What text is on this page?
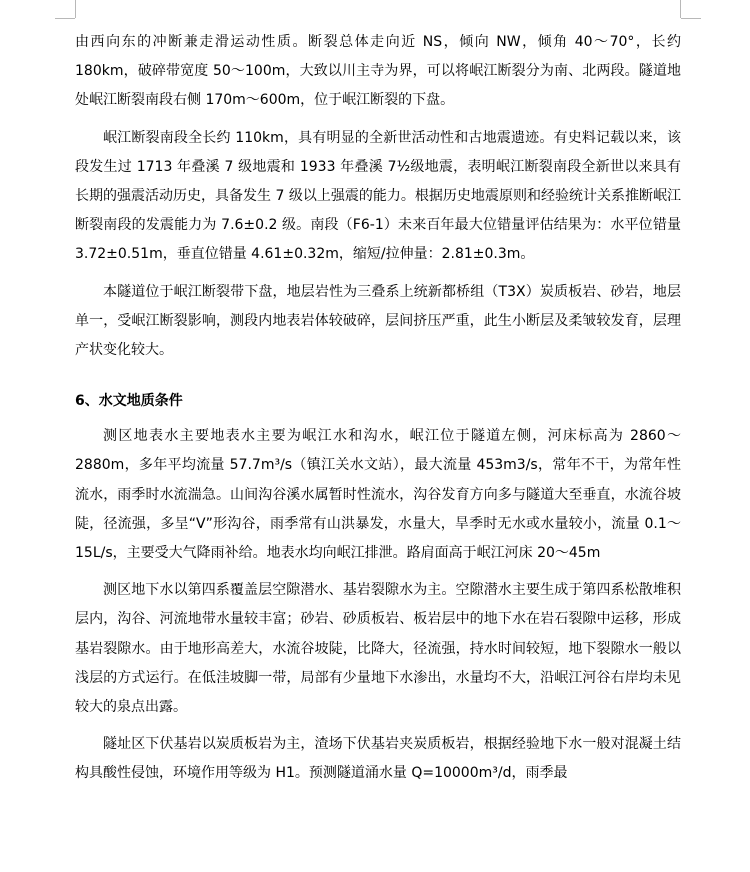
由西向东的冲断兼走滑运动性质。断裂总体走向近 NS，倾向 NW，倾角 40～70°，长约 180km，破碎带宽度 50～100m，大致以川主寺为界，可以将岷江断裂分为南、北两段。隧道地处岷江断裂南段右侧 170m～600m，位于岷江断裂的下盘。

岷江断裂南段全长约 110km，具有明显的全新世活动性和古地震遗迹。有史料记载以来，该段发生过 1713 年叠溪 7 级地震和 1933 年叠溪 7½级地震，表明岷江断裂南段全新世以来具有长期的强震活动历史，具备发生 7 级以上强震的能力。根据历史地震原则和经验统计关系推断岷江断裂南段的发震能力为 7.6±0.2 级。南段（F6-1）未来百年最大位错量评估结果为：水平位错量 3.72±0.51m，垂直位错量 4.61±0.32m，缩短/拉伸量：2.81±0.3m。

本隧道位于岷江断裂带下盘，地层岩性为三叠系上统新都桥组（T3X）炭质板岩、砂岩，地层单一，受岷江断裂影响，测段内地表岩体较破碎，层间挤压严重，此生小断层及柔皱较发育，层理产状变化较大。

6、水文地质条件

测区地表水主要地表水主要为岷江水和沟水，岷江位于隧道左侧，河床标高为 2860～2880m，多年平均流量 57.7m³/s（镇江关水文站），最大流量 453m3/s，常年不干，为常年性流水，雨季时水流湍急。山间沟谷溪水属暂时性流水，沟谷发育方向多与隧道大至垂直，水流谷坡陡，径流强，多呈“V”形沟谷，雨季常有山洪暴发，水量大，旱季时无水或水量较小，流量 0.1～15L/s，主要受大气降雨补给。地表水均向岷江排泄。路肩面高于岷江河床 20～45m

测区地下水以第四系覆盖层空隙潜水、基岩裂隙水为主。空隙潜水主要生成于第四系松散堆积层内，沟谷、河流地带水量较丰富；砂岩、砂质板岩、板岩层中的地下水在岩石裂隙中运移，形成基岩裂隙水。由于地形高差大，水流谷坡陡，比降大，径流强，持水时间较短，地下裂隙水一般以浅层的方式运行。在低洼坡脚一带，局部有少量地下水渗出，水量均不大，沿岷江河谷右岸均未见较大的泉点出露。

隧址区下伏基岩以炭质板岩为主，渣场下伏基岩夹炭质板岩，根据经验地下水一般对混凝土结构具酸性侵蚀，环境作用等级为 H1。预测隧道涌水量 Q=10000m³/d，雨季最
